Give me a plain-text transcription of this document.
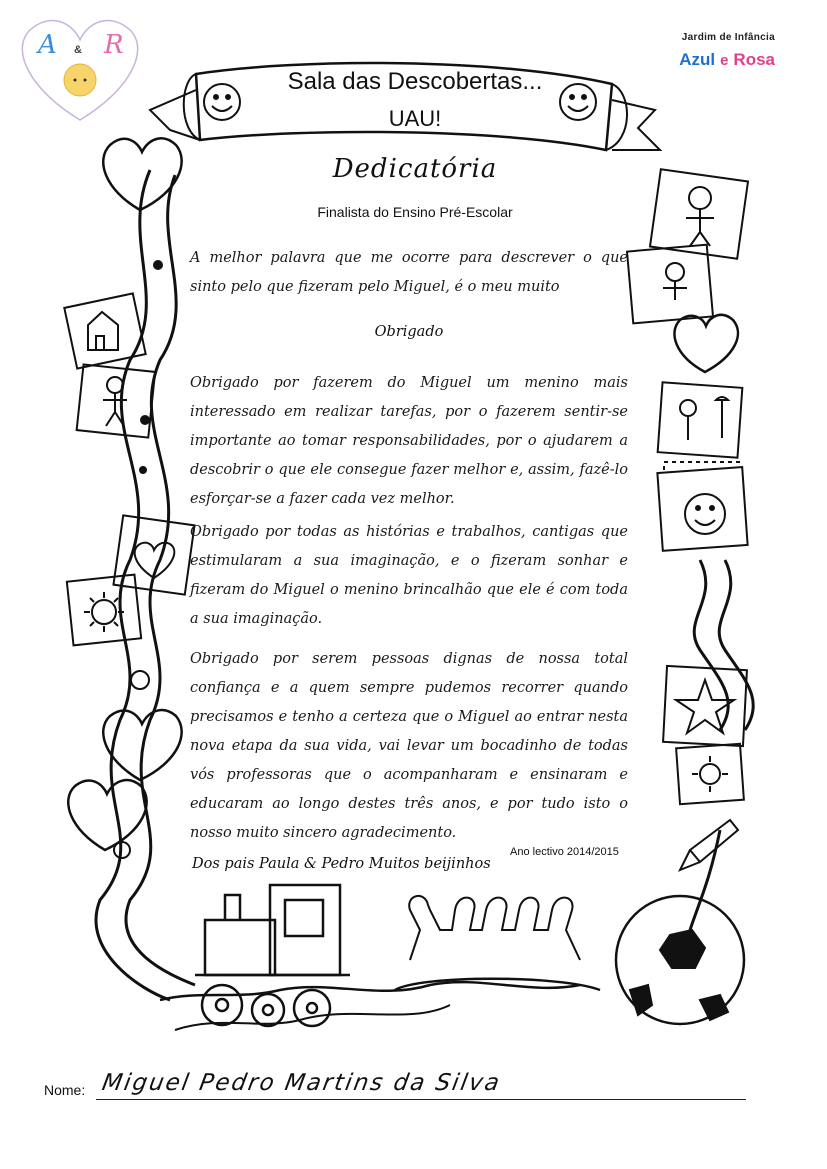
Jardim de Infância
Azul e Rosa
A & R
Sala das Descobertas...
UAU!
Dedicatória
Finalista do Ensino Pré-Escolar
A melhor palavra que me ocorre para descrever o que sinto pelo que fizeram pelo Miguel, é o meu muito
Obrigado
Obrigado por fazerem do Miguel um menino mais interessado em realizar tarefas, por o fazerem sentir-se importante ao tomar responsabilidades, por o ajudarem a descobrir o que ele consegue fazer melhor e, assim, fazê-lo esforçar-se a fazer cada vez melhor.
Obrigado por todas as histórias e trabalhos, cantigas que estimularam a sua imaginação, e o fizeram sonhar e fizeram do Miguel o menino brincalhão que ele é com toda a sua imaginação.
Obrigado por serem pessoas dignas de nossa total confiança e a quem sempre pudemos recorrer quando precisamos e tenho a certeza que o Miguel ao entrar nesta nova etapa da sua vida, vai levar um bocadinho de todas vós professoras que o acompanharam e ensinaram e educaram ao longo destes três anos, e por tudo isto o nosso muito sincero agradecimento.
Ano lectivo 2014/2015
Dos pais Paula & Pedro Muitos beijinhos
Nome: Miguel Pedro Martins da Silva
